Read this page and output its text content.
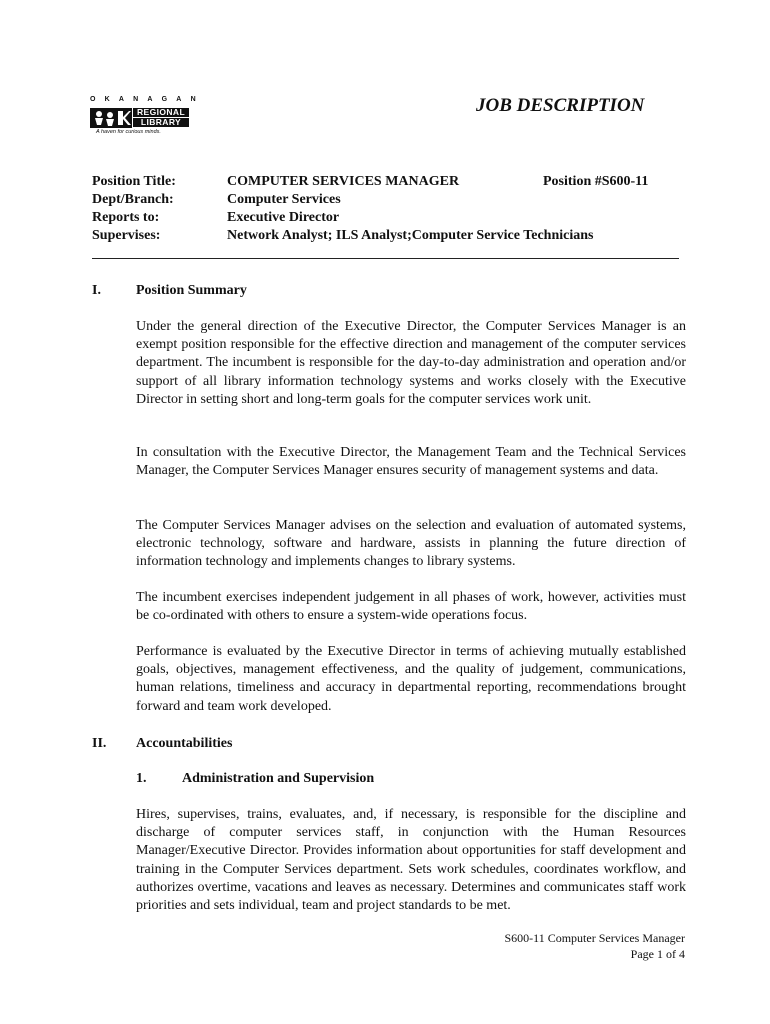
OKANAGAN
REGIONAL
LIBRARY
A haven for curious minds.
JOB DESCRIPTION
Position Title:	COMPUTER SERVICES MANAGER	Position #S600-11
Dept/Branch:	Computer Services
Reports to:	Executive Director
Supervises:	Network Analyst; ILS Analyst;Computer Service Technicians
I.	Position Summary

Under the general direction of the Executive Director, the Computer Services Manager is an exempt position responsible for the effective direction and management of the computer services department. The incumbent is responsible for the day-to-day administration and operation and/or support of all library information technology systems and works closely with the Executive Director in setting short and long-term goals for the computer services work unit.

In consultation with the Executive Director, the Management Team and the Technical Services Manager, the Computer Services Manager ensures security of management systems and data.

The Computer Services Manager advises on the selection and evaluation of automated systems, electronic technology, software and hardware, assists in planning the future direction of information technology and implements changes to library systems.

The incumbent exercises independent judgement in all phases of work, however, activities must be co-ordinated with others to ensure a system-wide operations focus.

Performance is evaluated by the Executive Director in terms of achieving mutually established goals, objectives, management effectiveness, and the quality of judgement, communications, human relations, timeliness and accuracy in departmental reporting, recommendations brought forward and team work developed.

II. Accountabilities
1.	Administration and Supervision

Hires, supervises, trains, evaluates, and, if necessary, is responsible for the discipline and discharge of computer services staff, in conjunction with the Human Resources Manager/Executive Director. Provides information about opportunities for staff development and training in the Computer Services department. Sets work schedules, coordinates workflow, and authorizes overtime, vacations and leaves as necessary. Determines and communicates staff work priorities and sets individual, team and project standards to be met.

S600-11 Computer Services Manager
Page 1 of 4
